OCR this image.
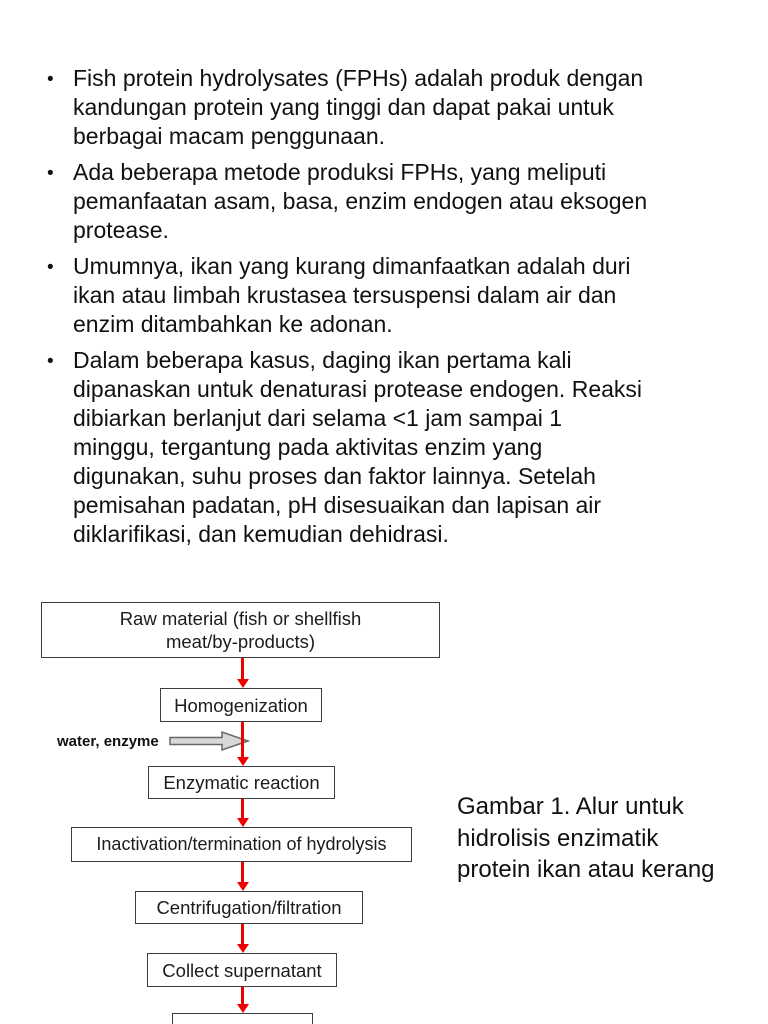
• Fish protein hydrolysates (FPHs) adalah produk dengan
kandungan protein yang tinggi dan dapat pakai untuk
berbagai macam penggunaan.
• Ada beberapa metode produksi FPHs, yang meliputi
pemanfaatan asam, basa, enzim endogen atau eksogen
protease.
• Umumnya, ikan yang kurang dimanfaatkan adalah duri
ikan atau limbah krustasea tersuspensi dalam air dan
enzim ditambahkan ke adonan.
• Dalam beberapa kasus, daging ikan pertama kali
dipanaskan untuk denaturasi protease endogen. Reaksi
dibiarkan berlanjut dari selama <1 jam sampai 1
minggu, tergantung pada aktivitas enzim yang
digunakan, suhu proses dan faktor lainnya. Setelah
pemisahan padatan, pH disesuaikan dan lapisan air
diklarifikasi, dan kemudian dehidrasi.
Raw material (fish or shellfish
meat/by-products)
Homogenization
water, enzyme
Enzymatic reaction
Inactivation/termination of hydrolysis
Centrifugation/filtration
Collect supernatant
Gambar 1. Alur untuk
hidrolisis enzimatik
protein ikan atau kerang
